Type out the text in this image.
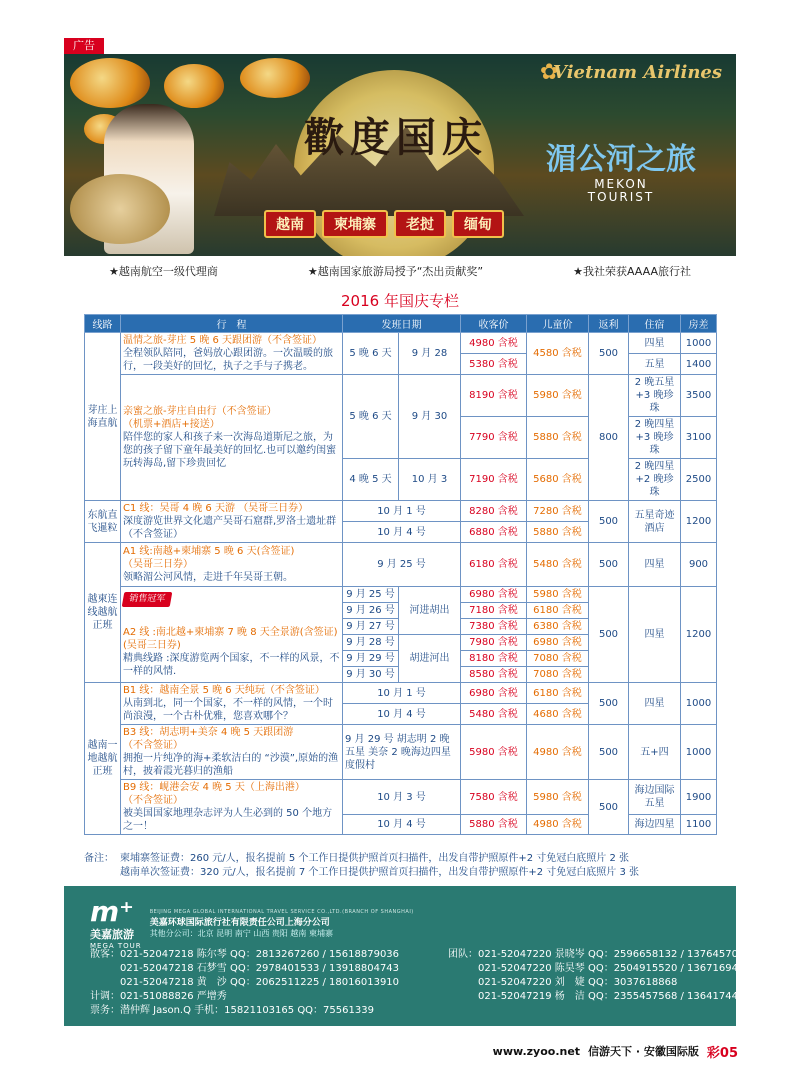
广告
歡度国庆
✿
Vietnam Airlines
湄公河之旅
MEKON
TOURIST
越南	柬埔寨	老挝	缅甸
★越南航空一级代理商	★越南国家旅游局授予“杰出贡献奖”	★我社荣获AAAA旅行社
2016 年国庆专栏
线路	行　程	发班日期		收客价	儿童价	返利	住宿	房差
芽庄上海直航	温情之旅-芽庄 5 晚 6 天跟团游（不含签证）
全程领队陪同，爸妈放心跟团游。一次温暖的旅行，一段美好的回忆，执子之手与子携老。	5 晚 6 天	9 月 28	4980 含税	4580 含税	500	四星	1000
				5380 含税			五星	1400
	亲蜜之旅-芽庄自由行（不含签证）
（机票+酒店+接送）
陪伴您的家人和孩子来一次海岛道斯尼之旅，为您的孩子留下童年最美好的回忆.也可以邀约闺蜜玩转海岛,留下珍贵回忆	5 晚 6 天	9 月 30	8190 含税	5980 含税	800	2 晚五星 +3 晚珍珠	3500
				7790 含税	5880 含税		2 晚四星 +3 晚珍珠	3100
		4 晚 5 天	10 月 3	7190 含税	5680 含税		2 晚四星 +2 晚珍珠	2500
东航直飞暹粒	C1 线：吴哥 4 晚 6 天游 （吴哥三日券）
深度游览世界文化遗产吴哥石窟群,罗洛士遗址群 （不含签证）	10 月 1 号		8280 含税	7280 含税	500	五星奇迹酒店	1200
		10 月 4 号		6880 含税	5880 含税			
越柬连线越航正班	A1 线:南越+柬埔寨 5 晚 6 天(含签证)
（吴哥三日券）
领略湄公河风情，走进千年吴哥王朝。	9 月 25 号		6180 含税	5480 含税	500	四星	900
	销售冠军

A2 线 :南北越+柬埔寨 7 晚 8 天全景游(含签证) (吴哥三日券)
精典线路 :深度游览两个国家，不一样的风景，不一样的风情.	9 月 25 号	河进胡出	6980 含税	5980 含税	500	四星	1200
		9 月 26 号		7180 含税	6180 含税			
		9 月 27 号		7380 含税	6380 含税			
		9 月 28 号	胡进河出	7980 含税	6980 含税			
		9 月 29 号		8180 含税	7080 含税			
		9 月 30 号		8580 含税	7080 含税			
越南一地越航正班	B1 线：越南全景 5 晚 6 天纯玩（不含签证）
从南到北，同一个国家，不一样的风情，一个时尚浪漫，一个古朴优雅，您喜欢哪个？	10 月 1 号		6980 含税	6180 含税	500	四星	1000
		10 月 4 号		5480 含税	4680 含税			
	B3 线：胡志明+美奈 4 晚 5 天跟团游
（不含签证）
拥抱一片纯净的海+柔软洁白的 “沙漠”,原始的渔村，披着霞光暮归的渔船	9 月 29 号 胡志明 2 晚五星 美奈 2 晚海边四星度假村		5980 含税	4980 含税	500	五+四	1000
	B9 线：岘港会安 4 晚 5 天（上海出港）
（不含签证）
被美国国家地理杂志评为人生必到的 50 个地方之一！	10 月 3 号		7580 含税	5980 含税	500	海边国际五星	1900
		10 月 4 号		5880 含税	4980 含税		海边四星	1100
备注： 柬埔寨签证费：260 元/人，报名提前 5 个工作日提供护照首页扫描件，出发自带护照原件+2 寸免冠白底照片 2 张
越南单次签证费：320 元/人，报名提前 7 个工作日提供护照首页扫描件，出发自带护照原件+2 寸免冠白底照片 3 张
m⁺
美嘉旅游
MEGA TOUR
BEIJING MEGA GLOBAL INTERNATIONAL TRAVEL SERVICE CO.,LTD.(BRANCH OF SHANGHAI)
美嘉环球国际旅行社有限责任公司上海分公司
其他分公司：北京 昆明 南宁 山西 贵阳 越南 柬埔寨
散客：021-52047218 陈尔琴 QQ：2813267260 / 15618879036
　　　021-52047218 石梦雪 QQ：2978401533 / 13918804743
　　　021-52047218 黄　沙 QQ：2062511225 / 18016013910
计调：021-51088826 严增秀
票务：潜仲辉 Jason.Q 手机：15821103165 QQ：75561339
团队：021-52047220 景晓岑 QQ：2596658132 / 13764570896
　　　021-52047220 陈昊琴 QQ：2504915520 / 13671694155
　　　021-52047220 刘　婕 QQ：3037618868
　　　021-52047219 杨　洁 QQ：2355457568 / 13641744331
www.zyoo.net 信游天下 · 安徽国际版 彩05
